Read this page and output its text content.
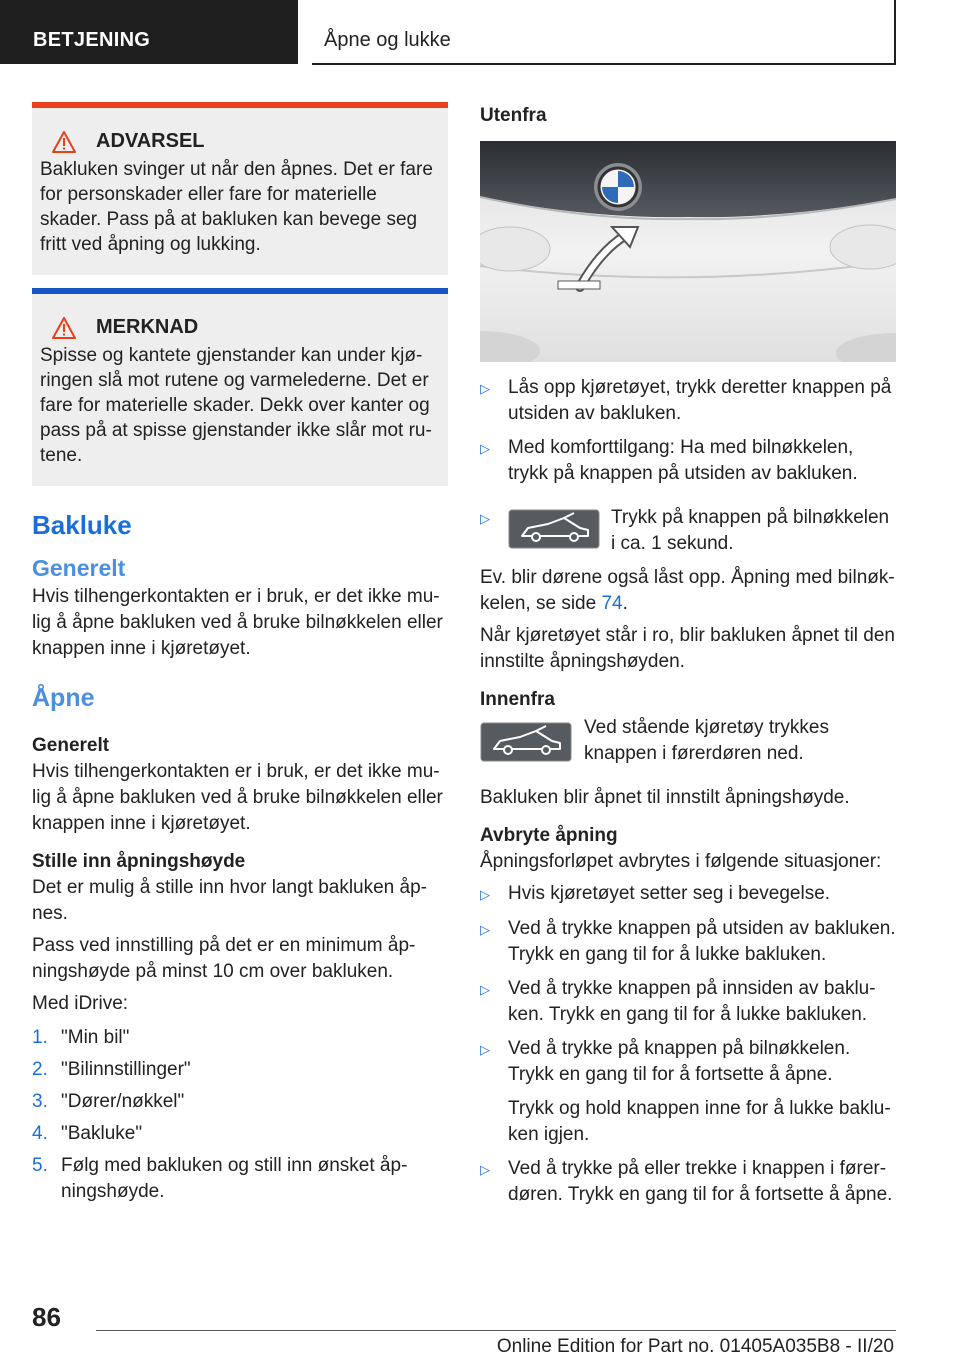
BETJENING	Åpne og lukke
ADVARSEL
Bakluken svinger ut når den åpnes. Det er fare for personskader eller fare for materielle skader. Pass på at bakluken kan bevege seg fritt ved åpning og lukking.
MERKNAD
Spisse og kantete gjenstander kan under kjøringen slå mot rutene og varmelederne. Det er fare for materielle skader. Dekk over kanter og pass på at spisse gjenstander ikke slår mot rutene.
Bakluke
Generelt

Hvis tilhengerkontakten er i bruk, er det ikke mulig å åpne bakluken ved å bruke bilnøkkelen eller knappen inne i kjøretøyet.

Åpne
Generelt

Hvis tilhengerkontakten er i bruk, er det ikke mulig å åpne bakluken ved å bruke bilnøkkelen eller knappen inne i kjøretøyet.

Stille inn åpningshøyde

Det er mulig å stille inn hvor langt bakluken åpnes.

Pass ved innstilling på det er en minimum åpningshøyde på minst 10 cm over bakluken.

Med iDrive:

1. "Min bil"
2. "Bilinnstillinger"
3. "Dører/nøkkel"
4. "Bakluke"
5. Følg med bakluken og still inn ønsket åpningshøyde.
Utenfra
▷ Lås opp kjøretøyet, trykk deretter knappen på utsiden av bakluken.
▷ Med komforttilgang: Ha med bilnøkkelen, trykk på knappen på utsiden av bakluken.
▷	Trykk på knappen på bilnøkkelen i ca. 1 sekund.

Ev. blir dørene også låst opp. Åpning med bilnøkkelen, se side 74.

Når kjøretøyet står i ro, blir bakluken åpnet til den innstilte åpningshøyden.

Innenfra

Ved stående kjøretøy trykkes knappen i førerdøren ned.

Bakluken blir åpnet til innstilt åpningshøyde.

Avbryte åpning

Åpningsforløpet avbrytes i følgende situasjoner:

▷ Hvis kjøretøyet setter seg i bevegelse.
▷ Ved å trykke knappen på utsiden av bakluken. Trykk en gang til for å lukke bakluken.
▷ Ved å trykke knappen på innsiden av bakluken. Trykk en gang til for å lukke bakluken.
▷ Ved å trykke på knappen på bilnøkkelen. Trykk en gang til for å fortsette å åpne.
Trykk og hold knappen inne for å lukke bakluken igjen.
▷ Ved å trykke på eller trekke i knappen i førerdøren. Trykk en gang til for å fortsette å åpne.
86
Online Edition for Part no. 01405A035B8 - II/20
